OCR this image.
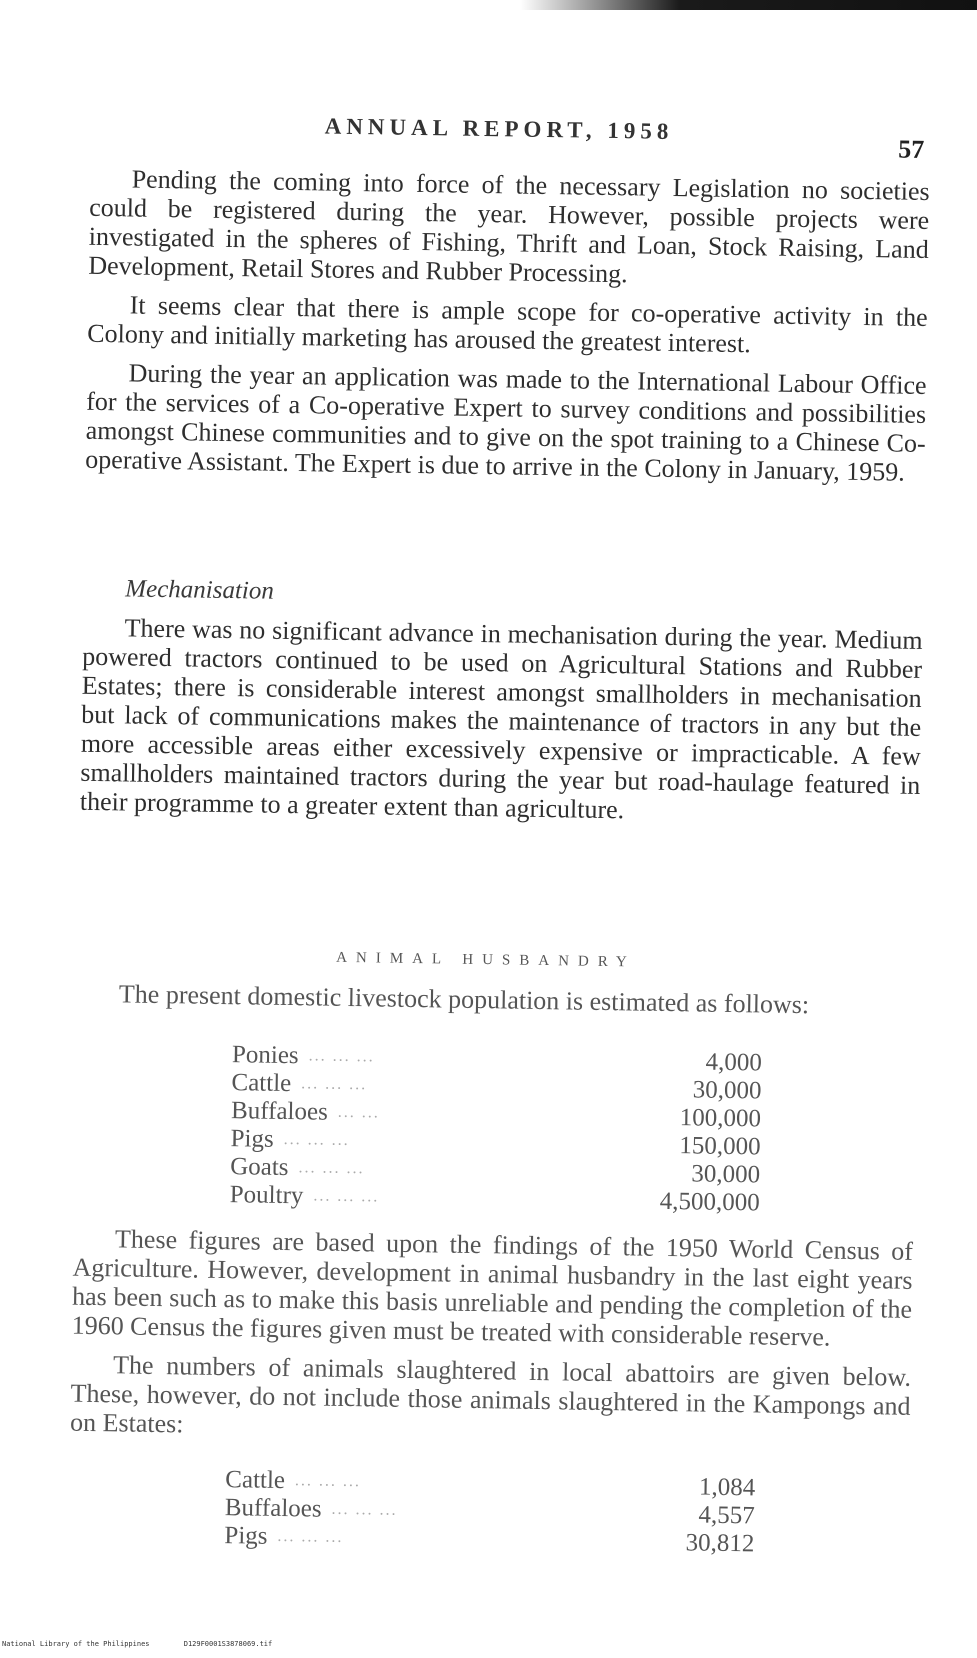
ANNUAL REPORT, 1958
57

Pending the coming into force of the necessary Legislation no societies could be registered during the year. However, possible projects were investigated in the spheres of Fishing, Thrift and Loan, Stock Raising, Land Development, Retail Stores and Rubber Processing.

It seems clear that there is ample scope for co-operative activity in the Colony and initially marketing has aroused the greatest interest.

During the year an application was made to the International Labour Office for the services of a Co-operative Expert to survey conditions and possibilities amongst Chinese communities and to give on the spot training to a Chinese Co-operative Assistant. The Expert is due to arrive in the Colony in January, 1959.

Mechanisation

There was no significant advance in mechanisation during the year. Medium powered tractors continued to be used on Agricultural Stations and Rubber Estates; there is considerable interest amongst smallholders in mechanisation but lack of communications makes the maintenance of tractors in any but the more accessible areas either excessively expensive or impracticable. A few smallholders maintained tractors during the year but road-haulage featured in their programme to a greater extent than agriculture.

ANIMAL HUSBANDRY

The present domestic livestock population is estimated as follows:

Ponies ... ... ...	4,000
Cattle ... ... ...	30,000
Buffaloes ... ...	100,000
Pigs ... ... ...	150,000
Goats ... ... ...	30,000
Poultry ... ... ...	4,500,000

These figures are based upon the findings of the 1950 World Census of Agriculture. However, development in animal husbandry in the last eight years has been such as to make this basis unreliable and pending the completion of the 1960 Census the figures given must be treated with considerable reserve.

The numbers of animals slaughtered in local abattoirs are given below. These, however, do not include those animals slaughtered in the Kampongs and on Estates:

Cattle ... ... ...	1,084
Buffaloes ... ... ...	4,557
Pigs ... ... ...	30,812
National Library of the Philippines	D129F0001S3878069.tif
